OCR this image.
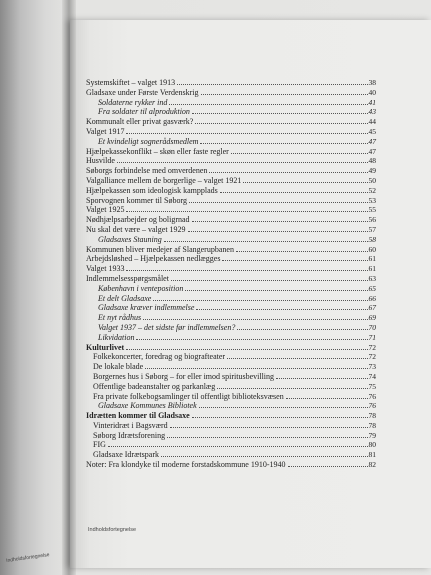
Systemskiftet – valget 1913	38
Gladsaxe under Første Verdenskrig	40
Soldaterne rykker ind	41
Fra soldater til alproduktion	43
Kommunalt eller privat gasværk?	44
Valget 1917	45
Et kvindeligt sognerådsmedlem	47
Hjælpekassekonflikt – skøn eller faste regler	47
Husvilde	48
Søborgs forbindelse med omverdenen	49
Valgalliance mellem de borgerlige – valget 1921	50
Hjælpekassen som ideologisk kampplads	52
Sporvognen kommer til Søborg	53
Valget 1925	55
Nødhjælpsarbejder og boligrnad	56
Nu skal det være – valget 1929	57
Gladsaxes Stauning	58
Kommunen bliver medejer af Slangerupbanen	60
Arbejdsløshed – Hjælpekassen nedlægges	61
Valget 1933	61
Indlemmelsesspørgsmålet	63
København i venteposition	65
Et delt Gladsaxe	66
Gladsaxe kræver indlemmelse	67
Et nyt rådhus	69
Valget 1937 – det sidste før indlemmelsen?	70
Likvidation	71
Kulturlivet	72
Folkekoncerter, foredrag og biografteater	72
De lokale blade	73
Borgernes hus i Søborg – for eller imod spiritusbevilling	74
Offentlige badeanstalter og parkanlæg	75
Fra private folkebogsamlinger til offentligt biblioteksvæsen	76
Gladsaxe Kommunes Bibliotek	76
Idrætten kommer til Gladsaxe	78
Vinteridræt i Bagsværd	78
Søborg Idrætsforening	79
FIG	80
Gladsaxe Idrætspark	81
Noter: Fra klondyke til moderne forstadskommune 1910-1940	82
Indholdsfortegnelse
Indholdsfortegnelse
